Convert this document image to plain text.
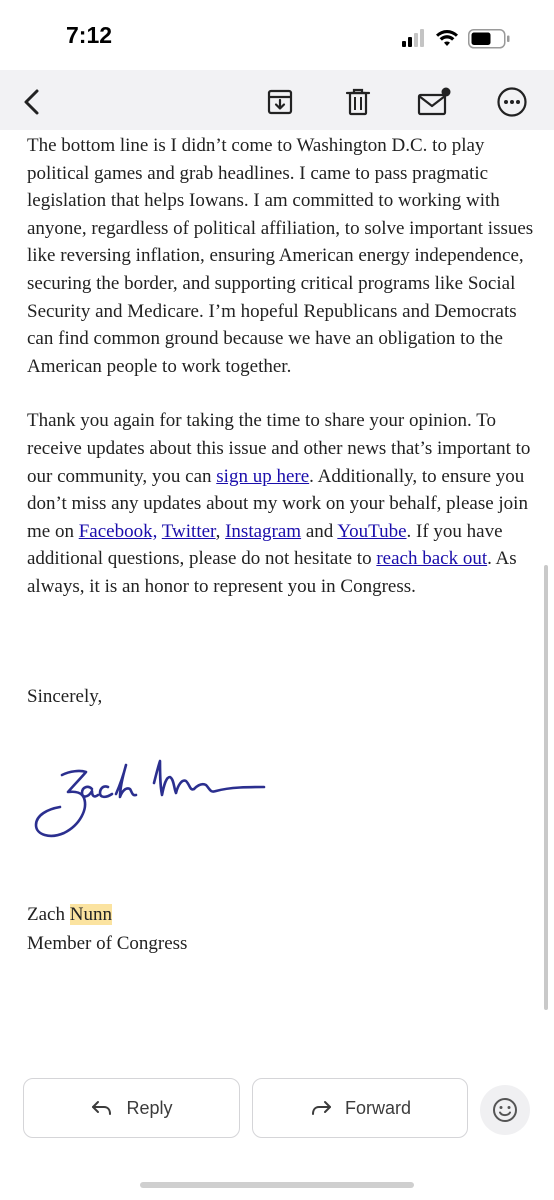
7:12

The bottom line is I didn’t come to Washington D.C. to play political games and grab headlines. I came to pass pragmatic legislation that helps Iowans. I am committed to working with anyone, regardless of political affiliation, to solve important issues like reversing inflation, ensuring American energy independence, securing the border, and supporting critical programs like Social Security and Medicare. I’m hopeful Republicans and Democrats can find common ground because we have an obligation to the American people to work together.

Thank you again for taking the time to share your opinion. To receive updates about this issue and other news that’s important to our community, you can sign up here. Additionally, to ensure you don’t miss any updates about my work on your behalf, please join me on Facebook, Twitter, Instagram and YouTube. If you have additional questions, please do not hesitate to reach back out. As always, it is an honor to represent you in Congress.

Sincerely,
Zach Nunn
Member of Congress
Reply	Forward
